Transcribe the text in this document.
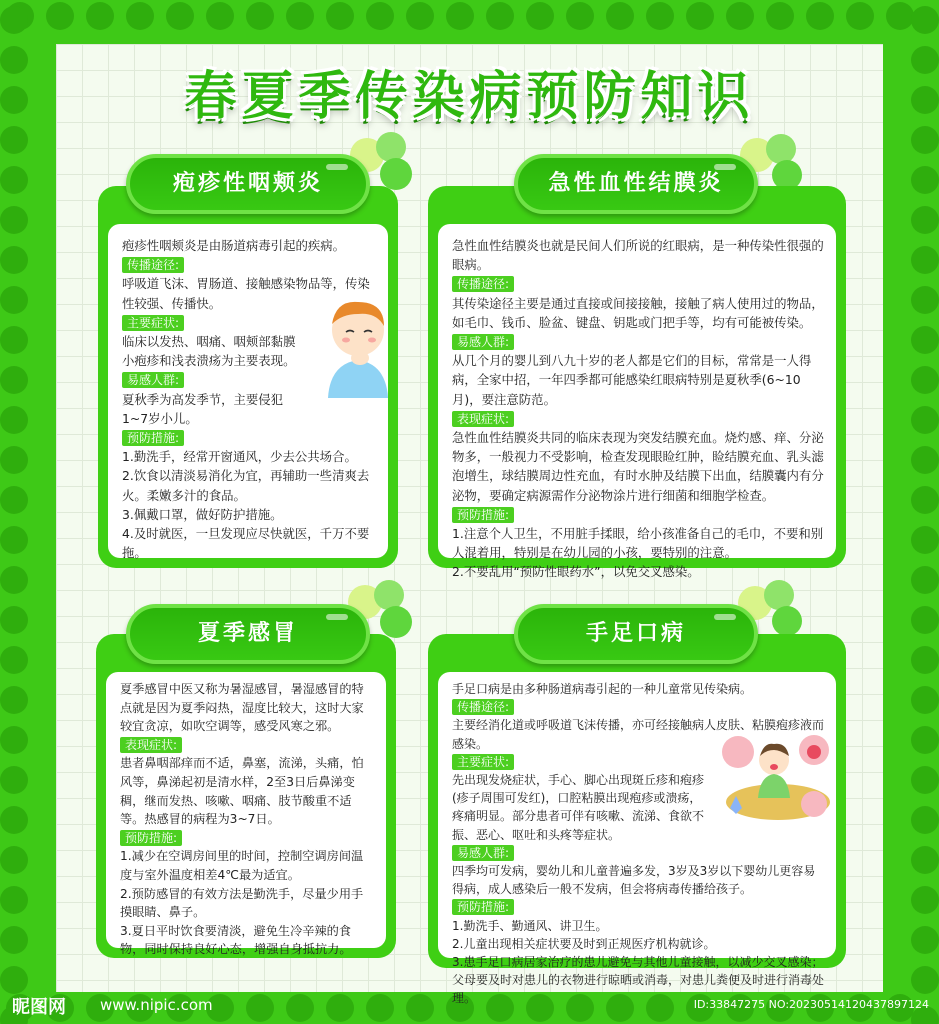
春夏季传染病预防知识
疱疹性咽颊炎是由肠道病毒引起的疾病。
传播途径:
呼吸道飞沫、胃肠道、接触感染物品等，传染性较强、传播快。
主要症状:
临床以发热、咽痛、咽颊部黏膜小疱疹和浅表溃疡为主要表现。
易感人群:
夏秋季为高发季节，主要侵犯1~7岁小儿。
预防措施:
1.勤洗手，经常开窗通风，少去公共场合。
2.饮食以清淡易消化为宜，再辅助一些清爽去火。柔嫩多汁的食品。
3.佩戴口罩，做好防护措施。
4.及时就医，一旦发现应尽快就医，千万不要拖。
疱疹性咽颊炎
急性血性结膜炎也就是民间人们所说的红眼病，是一种传染性很强的眼病。
传播途径:
其传染途径主要是通过直接或间接接触，接触了病人使用过的物品，如毛巾、钱币、脸盆、键盘、钥匙或门把手等，均有可能被传染。
易感人群:
从几个月的婴儿到八九十岁的老人都是它们的目标，常常是一人得病，全家中招，一年四季都可能感染红眼病特别是夏秋季(6~10月)，要注意防范。
表现症状:
急性血性结膜炎共同的临床表现为突发结膜充血。烧灼感、痒、分泌物多，一般视力不受影响，检查发现眼睑红肿，睑结膜充血、乳头滤泡增生，球结膜周边性充血，有时水肿及结膜下出血，结膜囊内有分泌物，要确定病源需作分泌物涂片进行细菌和细胞学检查。
预防措施:
1.注意个人卫生，不用脏手揉眼，给小孩准备自己的毛巾，不要和别人混着用，特别是在幼儿园的小孩，要特别的注意。
2.不要乱用“预防性眼药水”，以免交叉感染。
急性血性结膜炎
夏季感冒中医又称为暑湿感冒，暑湿感冒的特点就是因为夏季闷热，湿度比较大，这时大家较宜贪凉，如吹空调等，感受风寒之邪。
表现症状:
患者鼻咽部痒而不适，鼻塞，流涕，头痛，怕风等，鼻涕起初是清水样，2至3日后鼻涕变稠，继而发热、咳嗽、咽痛、肢节酸重不适等。热感冒的病程为3~7日。
预防措施:
1.减少在空调房间里的时间，控制空调房间温度与室外温度相差4℃最为适宜。
2.预防感冒的有效方法是勤洗手，尽量少用手摸眼睛、鼻子。
3.夏日平时饮食要清淡，避免生冷辛辣的食物，同时保持良好心态，增强自身抵抗力。
夏季感冒
手足口病是由多种肠道病毒引起的一种儿童常见传染病。
传播途径:
主要经消化道或呼吸道飞沫传播，亦可经接触病人皮肤、粘膜疱疹液而感染。
主要症状:
先出现发烧症状，手心、脚心出现斑丘疹和疱疹(疹子周围可发红)，口腔粘膜出现疱疹或溃疡，疼痛明显。部分患者可伴有咳嗽、流涕、食欲不振、恶心、呕吐和头疼等症状。
易感人群:
四季均可发病，婴幼儿和儿童普遍多发，3岁及3岁以下婴幼儿更容易得病，成人感染后一般不发病，但会将病毒传播给孩子。
预防措施:
1.勤洗手、勤通风、讲卫生。
2.儿童出现相关症状要及时到正规医疗机构就诊。
3.患手足口病居家治疗的患儿避免与其他儿童接触，以减少交叉感染；父母要及时对患儿的衣物进行晾晒或消毒，对患儿粪便及时进行消毒处理。
手足口病
昵图网 www.nipic.com	ID:33847275 NO:20230514120437897124
